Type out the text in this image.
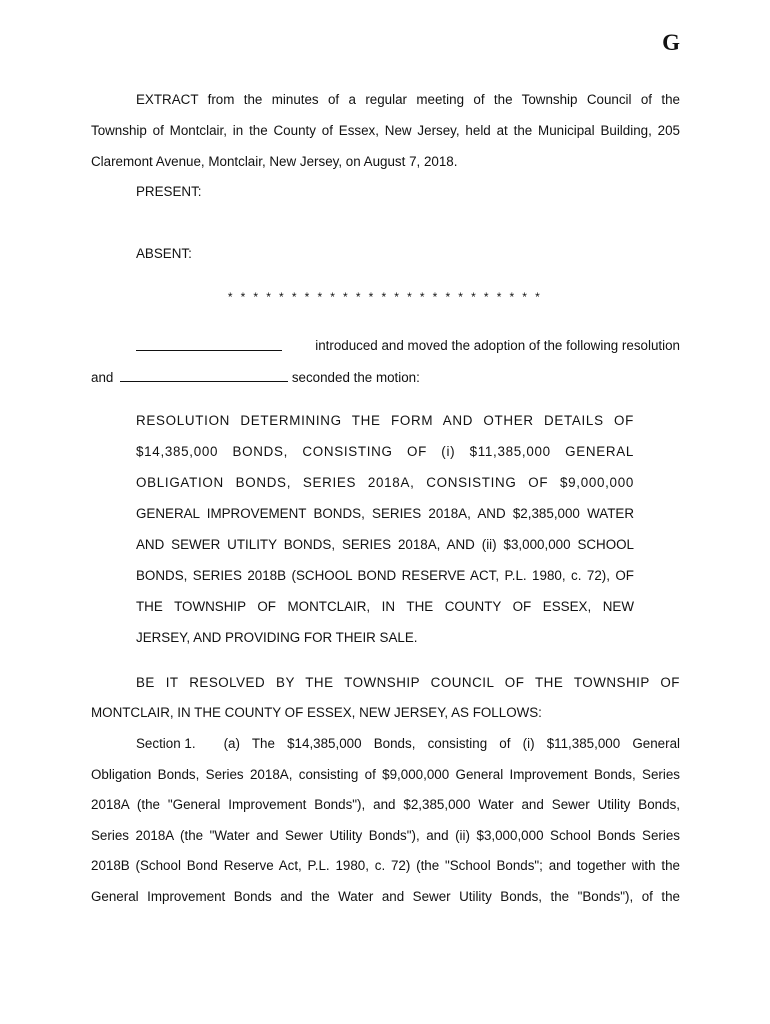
G

EXTRACT from the minutes of a regular meeting of the Township Council of the

Township of Montclair, in the County of Essex, New Jersey, held at the Municipal Building, 205

Claremont Avenue, Montclair, New Jersey, on August 7, 2018.

PRESENT:
ABSENT:
* * * * * * * * * * * * * * * * * * * * * * * * *
introduced and moved the adoption of the following resolution
and	seconded the motion:

RESOLUTION DETERMINING THE FORM AND OTHER DETAILS OF

$14,385,000 BONDS, CONSISTING OF (i) $11,385,000 GENERAL

OBLIGATION BONDS, SERIES 2018A, CONSISTING OF $9,000,000

GENERAL IMPROVEMENT BONDS, SERIES 2018A, AND $2,385,000 WATER

AND SEWER UTILITY BONDS, SERIES 2018A, AND (ii) $3,000,000 SCHOOL

BONDS, SERIES 2018B (SCHOOL BOND RESERVE ACT, P.L. 1980, c. 72), OF

THE TOWNSHIP OF MONTCLAIR, IN THE COUNTY OF ESSEX, NEW

JERSEY, AND PROVIDING FOR THEIR SALE.

BE IT RESOLVED BY THE TOWNSHIP COUNCIL OF THE TOWNSHIP OF

MONTCLAIR, IN THE COUNTY OF ESSEX, NEW JERSEY, AS FOLLOWS:

Section 1. (a) The $14,385,000 Bonds, consisting of (i) $11,385,000 General

Obligation Bonds, Series 2018A, consisting of $9,000,000 General Improvement Bonds, Series

2018A (the "General Improvement Bonds"), and $2,385,000 Water and Sewer Utility Bonds,

Series 2018A (the "Water and Sewer Utility Bonds"), and (ii) $3,000,000 School Bonds Series

2018B (School Bond Reserve Act, P.L. 1980, c. 72) (the "School Bonds"; and together with the

General Improvement Bonds and the Water and Sewer Utility Bonds, the "Bonds"), of the
